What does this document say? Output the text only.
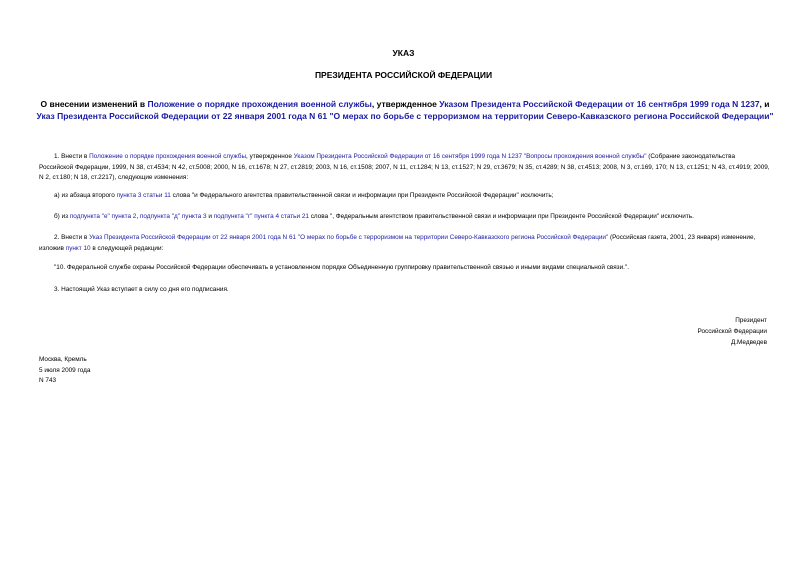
УКАЗ
ПРЕЗИДЕНТА РОССИЙСКОЙ ФЕДЕРАЦИИ
О внесении изменений в Положение о порядке прохождения военной службы, утвержденное Указом Президента Российской Федерации от 16 сентября 1999 года N 1237, и Указ Президента Российской Федерации от 22 января 2001 года N 61 "О мерах по борьбе с терроризмом на территории Северо-Кавказского региона Российской Федерации"
1. Внести в Положение о порядке прохождения военной службы, утвержденное Указом Президента Российской Федерации от 16 сентября 1999 года N 1237 "Вопросы прохождения военной службы" (Собрание законодательства Российской Федерации, 1999, N 38, ст.4534; N 42, ст.5008; 2000, N 16, ст.1678; N 27, ст.2819; 2003, N 16, ст.1508; 2007, N 11, ст.1284; N 13, ст.1527; N 29, ст.3679; N 35, ст.4289; N 38, ст.4513; 2008, N 3, ст.169, 170; N 13, ст.1251; N 43, ст.4919; 2009, N 2, ст.180; N 18, ст.2217), следующие изменения:
а) из абзаца второго пункта 3 статьи 11 слова "и Федерального агентства правительственной связи и информации при Президенте Российской Федерации" исключить;
б) из подпункта "е" пункта 2, подпункта "д" пункта 3 и подпункта "г" пункта 4 статьи 21 слова ", Федеральным агентством правительственной связи и информации при Президенте Российской Федерации" исключить.
2. Внести в Указ Президента Российской Федерации от 22 января 2001 года N 61 "О мерах по борьбе с терроризмом на территории Северо-Кавказского региона Российской Федерации" (Российская газета, 2001, 23 января) изменение, изложив пункт 10 в следующей редакции:
"10. Федеральной службе охраны Российской Федерации обеспечивать в установленном порядке Объединенную группировку правительственной связью и иными видами специальной связи.".
3. Настоящий Указ вступает в силу со дня его подписания.
Президент
Российской Федерации
Д.Медведев
Москва, Кремль
5 июля 2009 года
N 743
